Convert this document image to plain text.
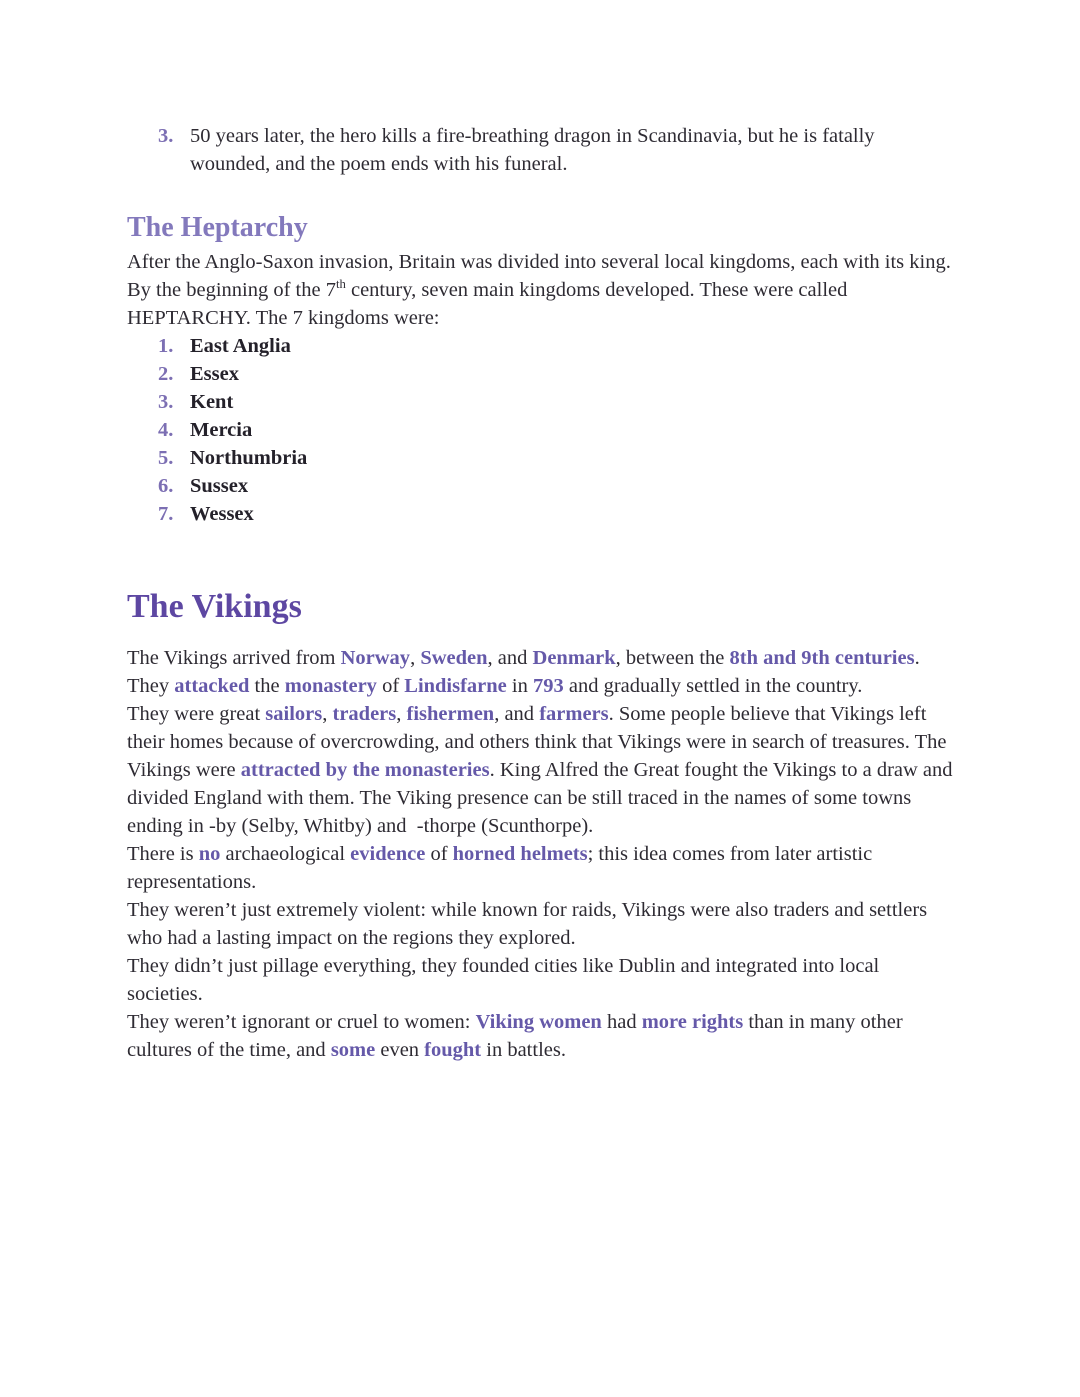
3. 50 years later, the hero kills a fire-breathing dragon in Scandinavia, but he is fatally wounded, and the poem ends with his funeral.
The Heptarchy

After the Anglo-Saxon invasion, Britain was divided into several local kingdoms, each with its king. By the beginning of the 7th century, seven main kingdoms developed. These were called HEPTARCHY. The 7 kingdoms were:

1. East Anglia
2. Essex
3. Kent
4. Mercia
5. Northumbria
6. Sussex
7. Wessex
The Vikings

The Vikings arrived from Norway, Sweden, and Denmark, between the 8th and 9th centuries. They attacked the monastery of Lindisfarne in 793 and gradually settled in the country.

They were great sailors, traders, fishermen, and farmers. Some people believe that Vikings left their homes because of overcrowding, and others think that Vikings were in search of treasures. The Vikings were attracted by the monasteries. King Alfred the Great fought the Vikings to a draw and divided England with them. The Viking presence can be still traced in the names of some towns ending in -by (Selby, Whitby) and  -thorpe (Scunthorpe).

There is no archaeological evidence of horned helmets; this idea comes from later artistic representations.

They weren’t just extremely violent: while known for raids, Vikings were also traders and settlers who had a lasting impact on the regions they explored.

They didn’t just pillage everything, they founded cities like Dublin and integrated into local societies.

They weren’t ignorant or cruel to women: Viking women had more rights than in many other cultures of the time, and some even fought in battles.
